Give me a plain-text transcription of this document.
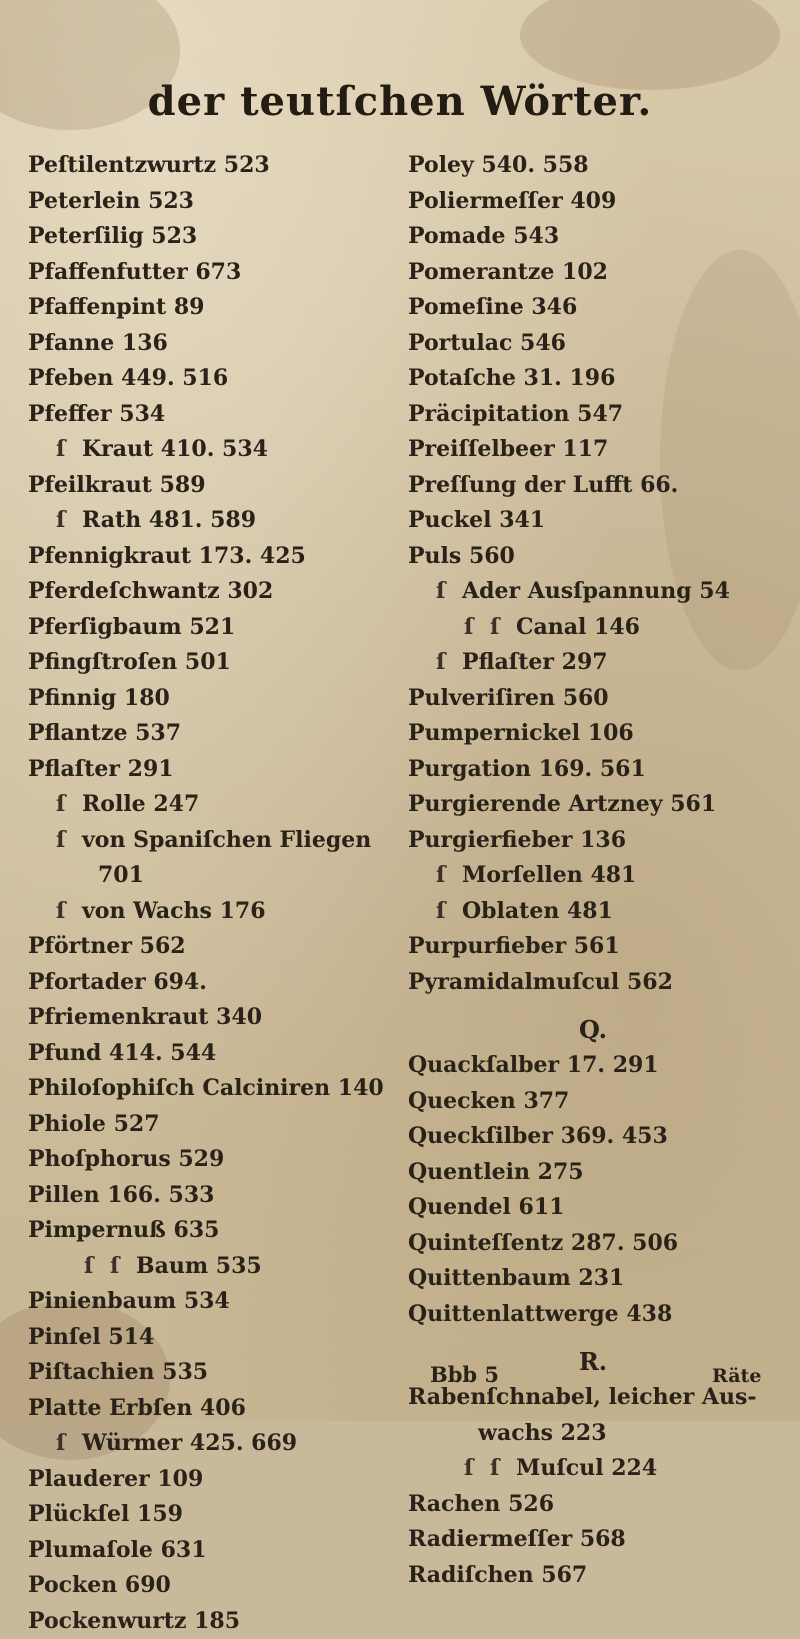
der teutſchen Wörter.
Peſtilentzwurtz 523
Peterlein 523
Peterſilig 523
Pfaffenfutter 673
Pfaffenpint 89
Pfanne 136
Pfeben 449. 516
Pfeffer 534
ſ Kraut 410. 534
Pfeilkraut 589
ſ Rath 481. 589
Pfennigkraut 173. 425
Pferdeſchwantz 302
Pferſigbaum 521
Pfingſtroſen 501
Pfinnig 180
Pflantze 537
Pflaſter 291
ſ Rolle 247
ſ von Spaniſchen Fliegen
701
ſ von Wachs 176
Pförtner 562
Pfortader 694.
Pfriemenkraut 340
Pfund 414. 544
Philoſophiſch Calciniren 140
Phiole 527
Phoſphorus 529
Pillen 166. 533
Pimpernuß 635
ſ ſ Baum 535
Pinienbaum 534
Pinſel 514
Piſtachien 535
Platte Erbſen 406
ſ Würmer 425. 669
Plauderer 109
Plückſel 159
Plumaſole 631
Pocken 690
Pockenwurtz 185
Poley 540. 558
Poliermeſſer 409
Pomade 543
Pomerantze 102
Pomeſine 346
Portulac 546
Potaſche 31. 196
Präcipitation 547
Preiſſelbeer 117
Preſſung der Lufft 66.
Puckel 341
Puls 560
ſ Ader Ausſpannung 54
ſ ſ Canal 146
ſ Pflaſter 297
Pulveriſiren 560
Pumpernickel 106
Purgation 169. 561
Purgierende Artzney 561
Purgierfieber 136
ſ Morſellen 481
ſ Oblaten 481
Purpurfieber 561
Pyramidalmuſcul 562
Q.
Quackſalber 17. 291
Quecken 377
Queckſilber 369. 453
Quentlein 275
Quendel 611
Quinteſſentz 287. 506
Quittenbaum 231
Quittenlattwerge 438
R.
Rabenſchnabel, leicher Aus-
wachs 223
ſ ſ Muſcul 224
Rachen 526
Radiermeſſer 568
Radiſchen 567
Bbb 5	Räte
